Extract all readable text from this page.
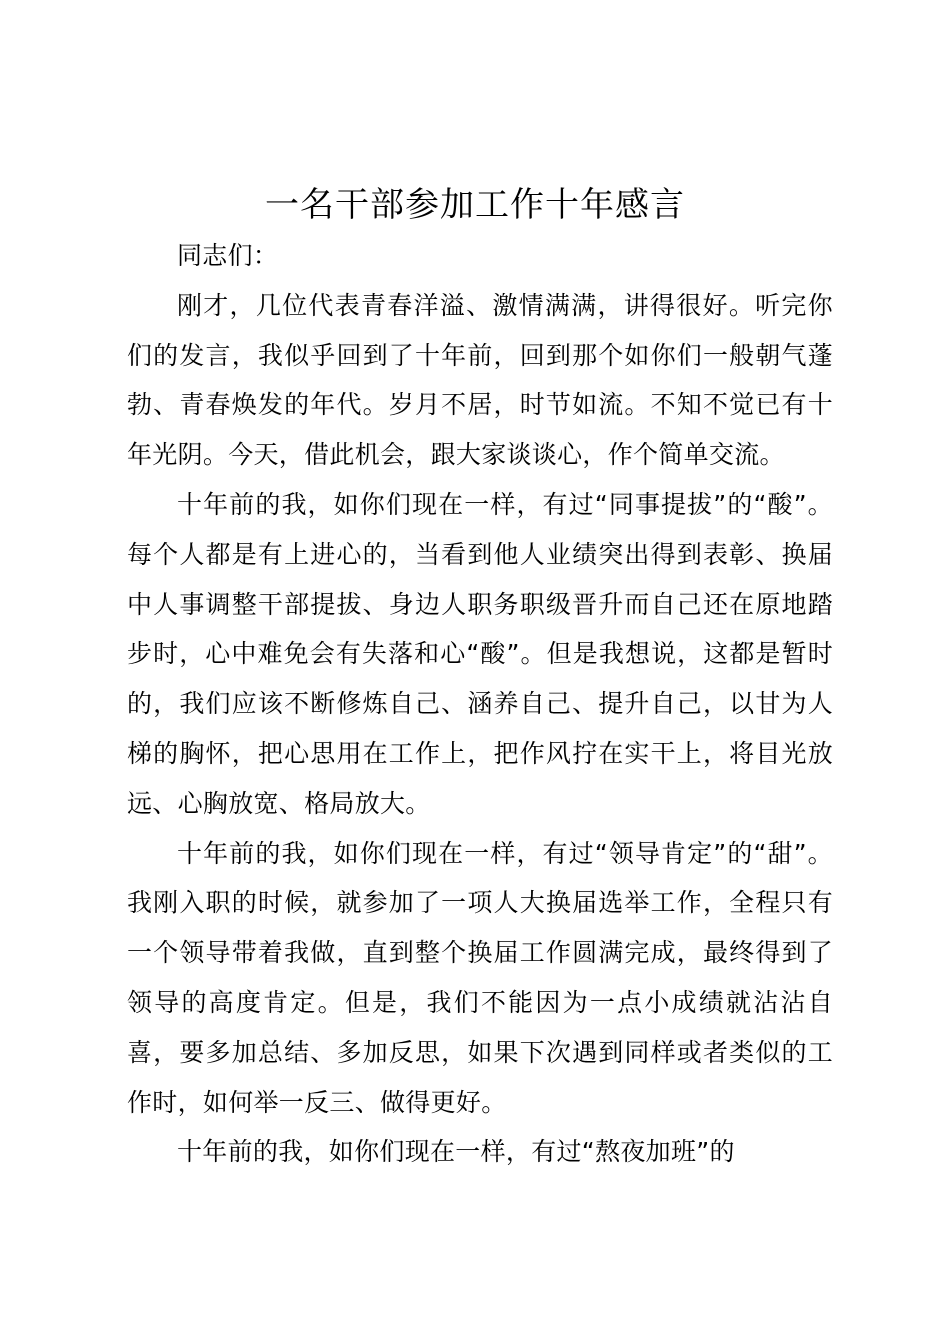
一名干部参加工作十年感言

同志们：

刚才，几位代表青春洋溢、激情满满，讲得很好。听完你们的发言，我似乎回到了十年前，回到那个如你们一般朝气蓬勃、青春焕发的年代。岁月不居，时节如流。不知不觉已有十年光阴。今天，借此机会，跟大家谈谈心，作个简单交流。

十年前的我，如你们现在一样，有过“同事提拔”的“酸”。每个人都是有上进心的，当看到他人业绩突出得到表彰、换届中人事调整干部提拔、身边人职务职级晋升而自己还在原地踏步时，心中难免会有失落和心“酸”。但是我想说，这都是暂时的，我们应该不断修炼自己、涵养自己、提升自己，以甘为人梯的胸怀，把心思用在工作上，把作风拧在实干上，将目光放远、心胸放宽、格局放大。

十年前的我，如你们现在一样，有过“领导肯定”的“甜”。我刚入职的时候，就参加了一项人大换届选举工作，全程只有一个领导带着我做，直到整个换届工作圆满完成，最终得到了领导的高度肯定。但是，我们不能因为一点小成绩就沾沾自喜，要多加总结、多加反思，如果下次遇到同样或者类似的工作时，如何举一反三、做得更好。

十年前的我，如你们现在一样，有过“熬夜加班”的
